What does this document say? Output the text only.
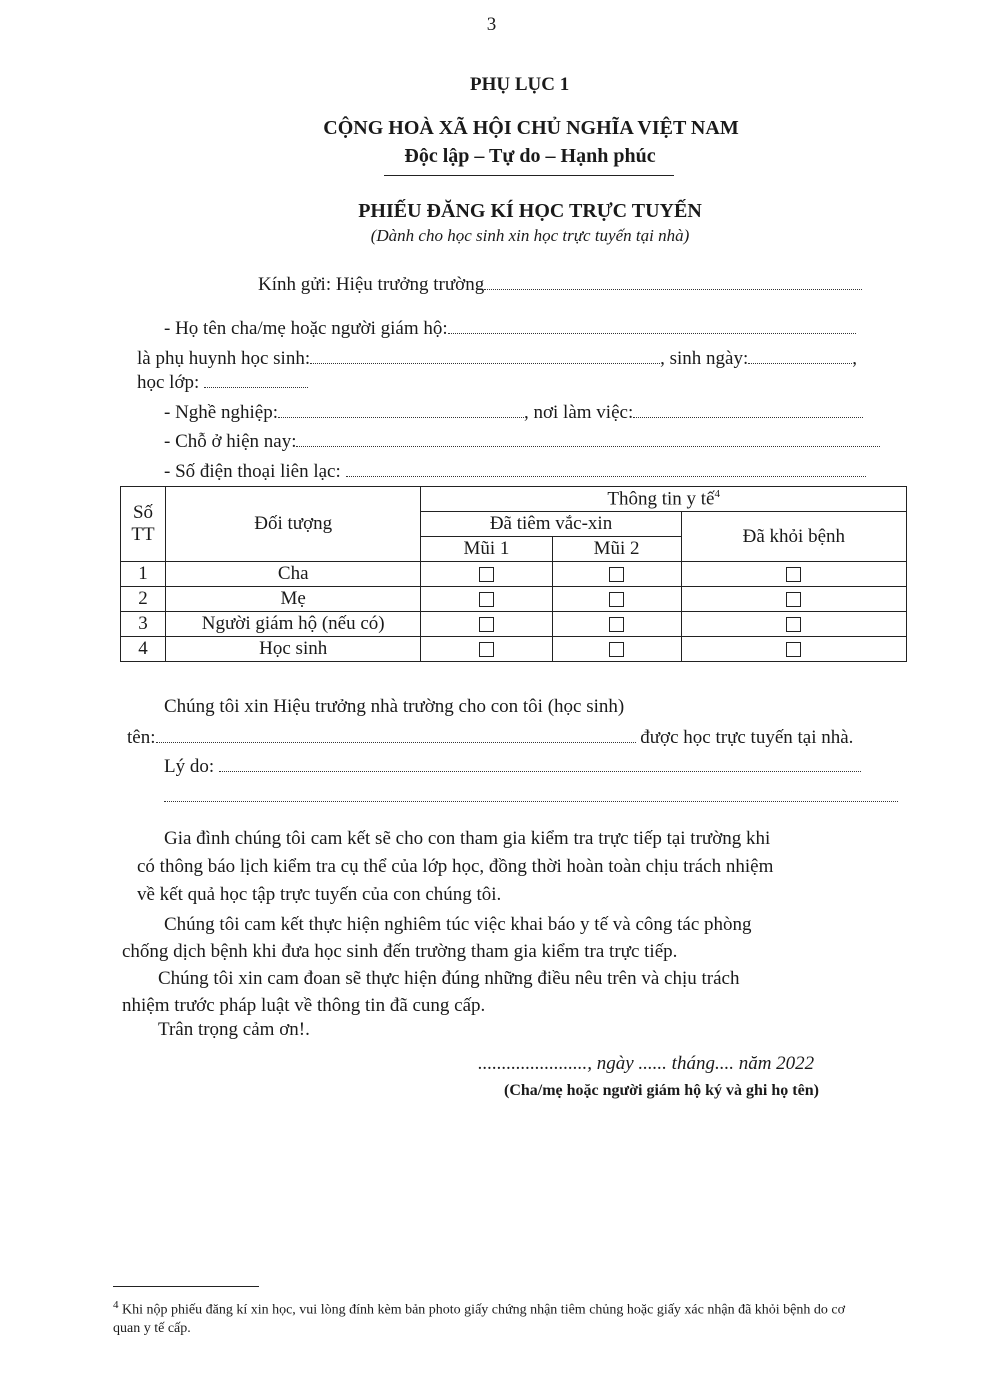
3
PHỤ LỤC 1
CỘNG HOÀ XÃ HỘI CHỦ NGHĨA VIỆT NAM
Độc lập – Tự do – Hạnh phúc
PHIẾU ĐĂNG KÍ HỌC TRỰC TUYẾN
(Dành cho học sinh xin học trực tuyến tại nhà)
Kính gửi: Hiệu trưởng trường
- Họ tên cha/mẹ hoặc người giám hộ:
là phụ huynh học sinh:	, sinh ngày:	,
học lớp:
- Nghề nghiệp:	, nơi làm việc:
- Chỗ ở hiện nay:
- Số điện thoại liên lạc:
Số TT	Đối tượng	Thông tin y tế$^4$
		Đã tiêm vắc-xin		Đã khỏi bệnh
		Mũi 1	Mũi 2	
1	Cha			
2	Mẹ			
3	Người giám hộ (nếu có)			
4	Học sinh			
Chúng tôi xin Hiệu trưởng nhà trường cho con tôi (học sinh)
tên:	được học trực tuyến tại nhà.
Lý do:
Gia đình chúng tôi cam kết sẽ cho con tham gia kiểm tra trực tiếp tại trường khi
có thông báo lịch kiểm tra cụ thể của lớp học, đồng thời hoàn toàn chịu trách nhiệm
về kết quả học tập trực tuyến của con chúng tôi.
Chúng tôi cam kết thực hiện nghiêm túc việc khai báo y tế và công tác phòng
chống dịch bệnh khi đưa học sinh đến trường tham gia kiểm tra trực tiếp.
Chúng tôi xin cam đoan sẽ thực hiện đúng những điều nêu trên và chịu trách
nhiệm trước pháp luật về thông tin đã cung cấp.
Trân trọng cảm ơn!.
......................., ngày ...... tháng.... năm 2022
(Cha/mẹ hoặc người giám hộ ký và ghi họ tên)
$^4$ Khi nộp phiếu đăng kí xin học, vui lòng đính kèm bản photo giấy chứng nhận tiêm chủng hoặc giấy xác nhận đã khỏi bệnh do cơ quan y tế cấp.
